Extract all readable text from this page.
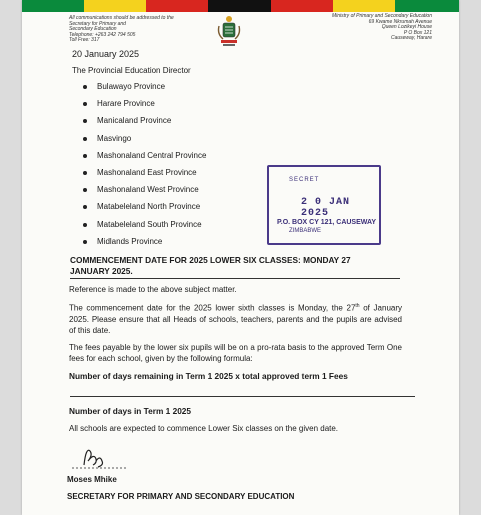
All communications should be addressed to the
Secretary for Primary and
Secondary Education
Telephone: +263 242 794 505
Toll Free: 317
Ministry of Primary and Secondary Education
69 Kwame Nkrumah Avenue
Queen Lozikeyi House
P O Box 121
Causeway, Harare
20 January 2025
The Provincial Education Director
Bulawayo Province
Harare Province
Manicaland Province
Masvingo
Mashonaland Central Province
Mashonaland East Province
Mashonaland West Province
Matabeleland North Province
Matabeleland South Province
Midlands Province
SECRET
2 0 JAN 2025
P.O. BOX CY 121, CAUSEWAY
ZIMBABWE
COMMENCEMENT DATE FOR 2025 LOWER SIX CLASSES: MONDAY 27
JANUARY 2025.
Reference is made to the above subject matter.
The commencement date for the 2025 lower sixth classes is Monday, the 27th of January 2025. Please ensure that all Heads of schools, teachers, parents and the pupils are advised of this date.
The fees payable by the lower six pupils will be on a pro-rata basis to the approved Term One fees for each school, given by the following formula:
Number of days remaining in Term 1 2025 x total approved term 1 Fees
Number of days in Term 1 2025
All schools are expected to commence Lower Six classes on the given date.
Moses Mhike
SECRETARY FOR PRIMARY AND SECONDARY EDUCATION
